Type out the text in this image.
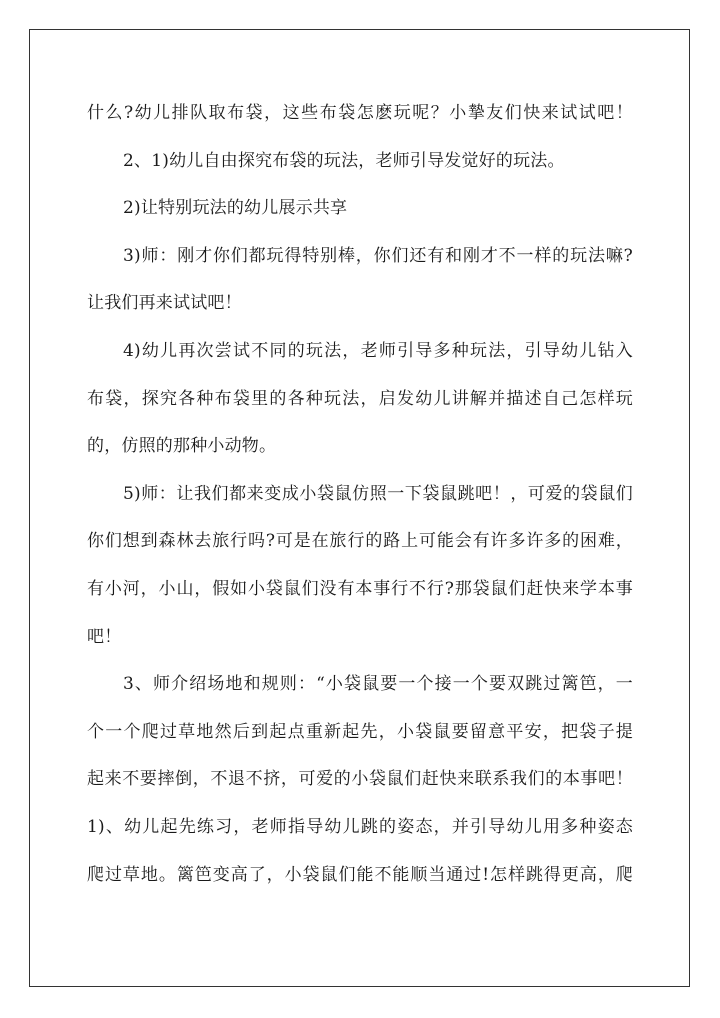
什么?幼儿排队取布袋，这些布袋怎麽玩呢？小摯友们快来试试吧！
2、1)幼儿自由探究布袋的玩法，老师引导发觉好的玩法。
2)让特别玩法的幼儿展示共享
3)师：刚才你们都玩得特别棒，你们还有和刚才不一样的玩法嘛?
让我们再来试试吧！
4)幼儿再次尝试不同的玩法，老师引导多种玩法，引导幼儿钻入
布袋，探究各种布袋里的各种玩法，启发幼儿讲解并描述自己怎样玩
的，仿照的那种小动物。
5)师：让我们都来变成小袋鼠仿照一下袋鼠跳吧！，可爱的袋鼠们
你们想到森林去旅行吗?可是在旅行的路上可能会有许多许多的困难，
有小河，小山，假如小袋鼠们没有本事行不行?那袋鼠们赶快来学本事
吧！
3、师介绍场地和规则：“小袋鼠要一个接一个要双跳过篱笆，一
个一个爬过草地然后到起点重新起先，小袋鼠要留意平安，把袋子提
起来不要摔倒，不退不挤，可爱的小袋鼠们赶快来联系我们的本事吧！
1)、幼儿起先练习，老师指导幼儿跳的姿态，并引导幼儿用多种姿态
爬过草地。篱笆变高了，小袋鼠们能不能顺当通过!怎样跳得更高，爬
